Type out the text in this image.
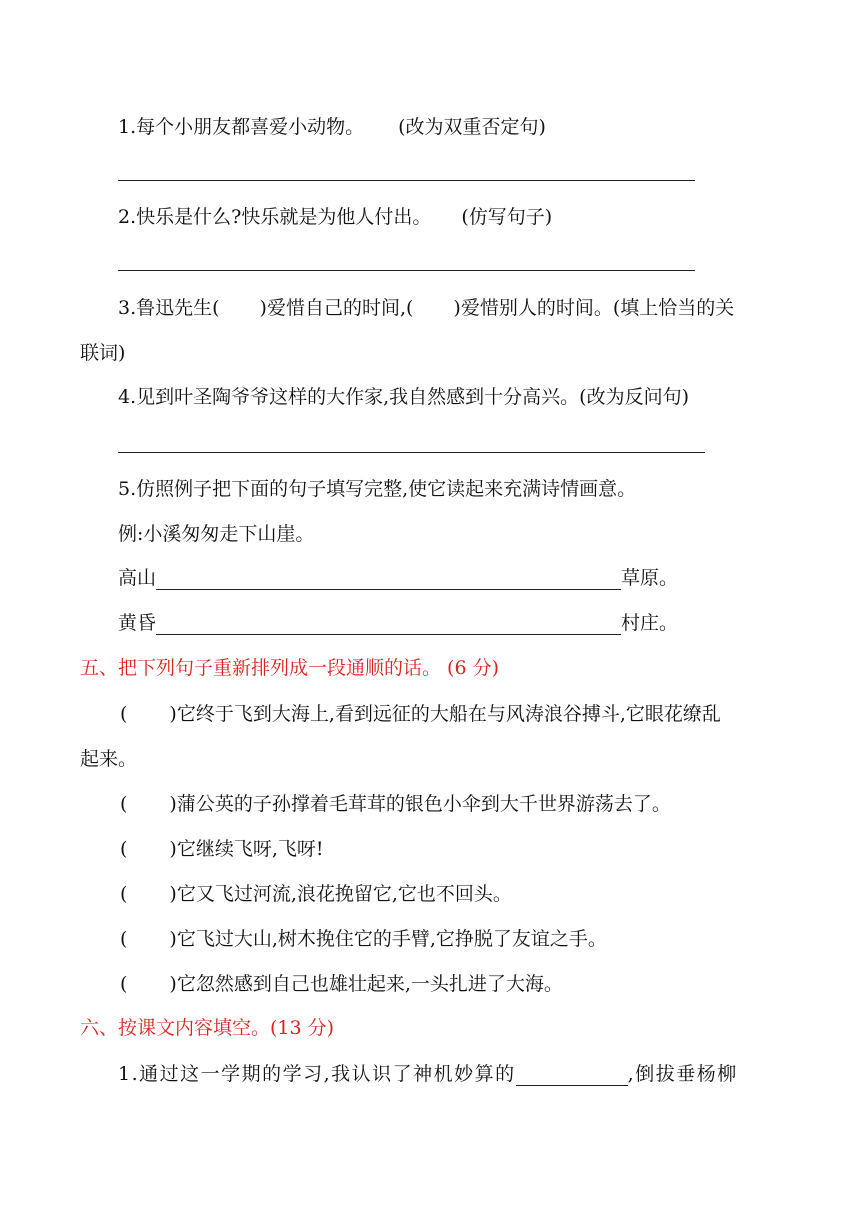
1.每个小朋友都喜爱小动物。 (改为双重否定句)
2.快乐是什么?快乐就是为他人付出。 (仿写句子)
3.鲁迅先生( )爱惜自己的时间,( )爱惜别人的时间。(填上恰当的关
联词)
4.见到叶圣陶爷爷这样的大作家,我自然感到十分高兴。(改为反问句)
5.仿照例子把下面的句子填写完整,使它读起来充满诗情画意。
例:小溪匆匆走下山崖。
高山	草原。
黄昏	村庄。
五、把下列句子重新排列成一段通顺的话。 (6 分)
( )它终于飞到大海上,看到远征的大船在与风涛浪谷搏斗,它眼花缭乱
起来。
( )蒲公英的子孙撑着毛茸茸的银色小伞到大千世界游荡去了。
( )它继续飞呀,飞呀!
( )它又飞过河流,浪花挽留它,它也不回头。
( )它飞过大山,树木挽住它的手臂,它挣脱了友谊之手。
( )它忽然感到自己也雄壮起来,一头扎进了大海。
六、按课文内容填空。(13 分)
1.通过这一学期的学习,我认识了神机妙算的	,倒拔垂杨柳
